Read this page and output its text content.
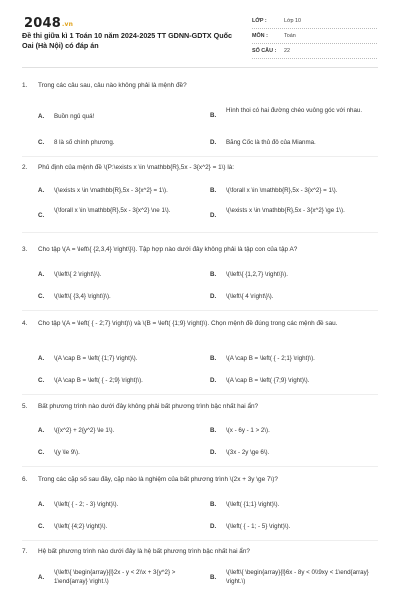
2048.vn
Đề thi giữa kì 1 Toán 10 năm 2024-2025 TT GDNN-GDTX Quốc Oai (Hà Nội) có đáp án
LỚP :	Lớp 10
MÔN :	Toán
SỐ CÂU : 22
1. Trong các câu sau, câu nào không phải là mệnh đề?
A. Buồn ngủ quá!	B.
Hình thoi có hai đường chéo vuông góc với nhau.
C. 8 là số chính phương.	D. Băng Cốc là thủ đô của Mianma.
2. Phủ định của mệnh đề \(P:\exists x \in \mathbb{R},5x - 3{x^2} = 1\) là:
A. \(\exists x \in \mathbb{R},5x - 3{x^2} = 1\).	B. \(\forall x \in \mathbb{R},5x - 3{x^2} = 1\).
C.
\(\forall x \in \mathbb{R},5x - 3{x^2} \ne 1\).
D.
\(\exists x \in \mathbb{R},5x - 3{x^2} \ge 1\).
3. Cho tập \(A = \left\{ {2,3,4} \right\}\). Tập hợp nào dưới đây không phải là tập con của tập A?
A. \(\left\{ 2 \right\}\).	B. \(\left\{ {1,2,7} \right\}\).
C. \(\left\{ {3,4} \right\}\).	D. \(\left\{ 4 \right\}\).
4. Cho tập \(A = \left( { - 2;7} \right)\) và \(B = \left( {1;9} \right)\). Chọn mệnh đề đúng trong các mệnh đề sau.
A. \(A \cap B = \left( {1;7} \right)\).	B. \(A \cap B = \left( { - 2;1} \right)\).
C. \(A \cap B = \left( { - 2;9} \right)\).	D. \(A \cap B = \left( {7;9} \right)\).
5. Bất phương trình nào dưới đây không phải bất phương trình bậc nhất hai ẩn?
A. \({x^2} + 2{y^2} \le 1\).	B. \(x - 6y - 1 > 2\).
C. \(y \le 9\).	D. \(3x - 2y \ge 6\).
6. Trong các cặp số sau đây, cặp nào là nghiệm của bất phương trình \(2x + 3y \ge 7\)?
A. \(\left( { - 2; - 3} \right)\).	B. \(\left( {1;1} \right)\).
C. \(\left( {4;2} \right)\).	D. \(\left( { - 1; - 5} \right)\).
7. Hệ bất phương trình nào dưới đây là hệ bất phương trình bậc nhất hai ẩn?
A.
\(\left\{ \begin{array}{l}2x - y < 2\\x + 3{y^2} > 1\end{array} \right.\)
B.
\(\left\{ \begin{array}{l}6x - 8y < 0\\9xy < 1\end{array} \right.\)
